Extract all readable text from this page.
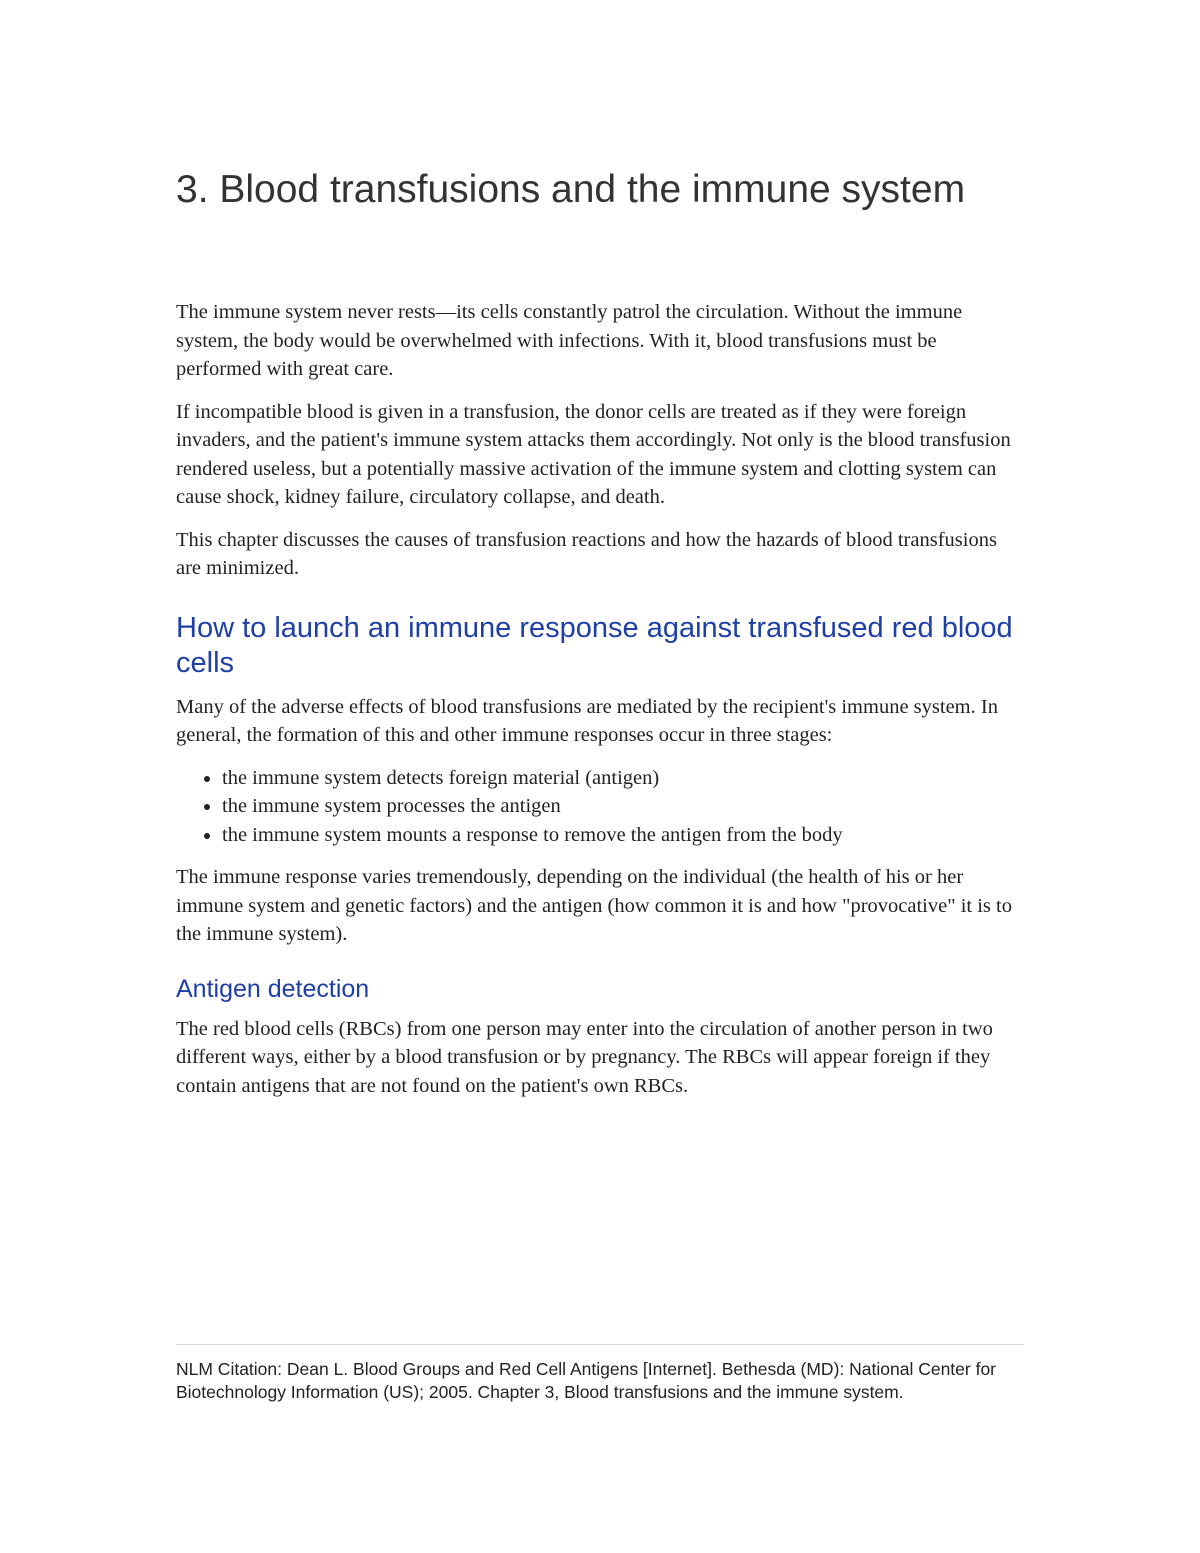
3. Blood transfusions and the immune system

The immune system never rests—its cells constantly patrol the circulation. Without the immune system, the body would be overwhelmed with infections. With it, blood transfusions must be performed with great care.

If incompatible blood is given in a transfusion, the donor cells are treated as if they were foreign invaders, and the patient's immune system attacks them accordingly. Not only is the blood transfusion rendered useless, but a potentially massive activation of the immune system and clotting system can cause shock, kidney failure, circulatory collapse, and death.

This chapter discusses the causes of transfusion reactions and how the hazards of blood transfusions are minimized.

How to launch an immune response against transfused red blood cells

Many of the adverse effects of blood transfusions are mediated by the recipient's immune system. In general, the formation of this and other immune responses occur in three stages:

• the immune system detects foreign material (antigen)
• the immune system processes the antigen
• the immune system mounts a response to remove the antigen from the body

The immune response varies tremendously, depending on the individual (the health of his or her immune system and genetic factors) and the antigen (how common it is and how "provocative" it is to the immune system).

Antigen detection

The red blood cells (RBCs) from one person may enter into the circulation of another person in two different ways, either by a blood transfusion or by pregnancy. The RBCs will appear foreign if they contain antigens that are not found on the patient's own RBCs.

NLM Citation: Dean L. Blood Groups and Red Cell Antigens [Internet]. Bethesda (MD): National Center for Biotechnology Information (US); 2005. Chapter 3, Blood transfusions and the immune system.
